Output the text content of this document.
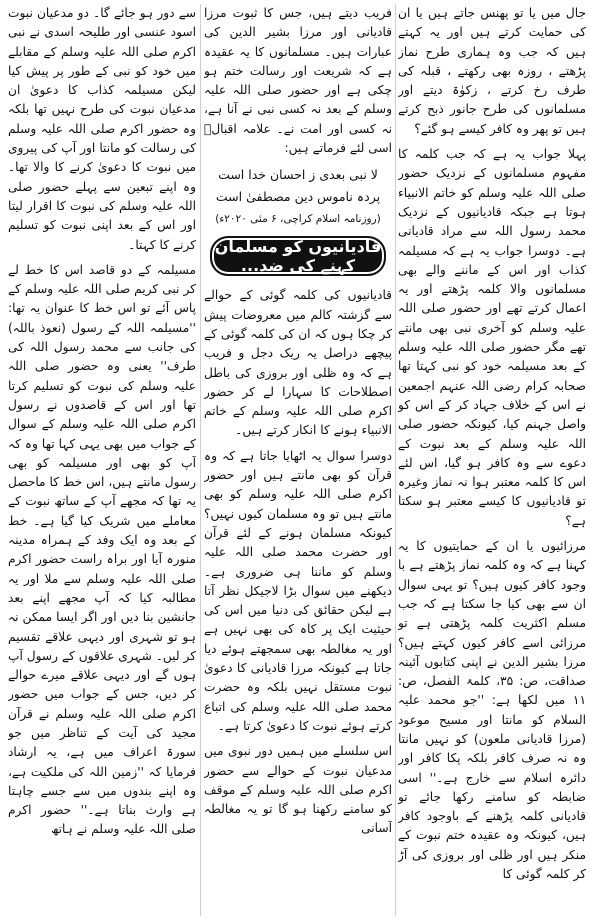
جال میں یا تو پھنس جاتے ہیں یا ان کی حمایت کرتے ہیں اور یہ کہتے ہیں کہ جب وہ ہماری طرح نماز پڑھتے ، روزہ بھی رکھتے ، قبلہ کی طرف رخ کرتے ، زکوٰۃ دیتے اور مسلمانوں کی طرح جانور ذبح کرتے ہیں تو پھر وہ کافر کیسے ہو گئے؟

پہلا جواب یہ ہے کہ جب کلمہ کا مفہوم مسلمانوں کے نزدیک حضور صلی اللہ علیہ وسلم کو خاتم الانبیاء ہوتا ہے جبکہ قادیانیوں کے نزدیک محمد رسول اللہ سے مراد قادیانی ہے۔ دوسرا جواب یہ ہے کہ مسیلمہ کذاب اور اس کے ماننے والے بھی مسلمانوں والا کلمہ پڑھتے اور یہ اعمال کرتے تھے اور حضور صلی اللہ علیہ وسلم کو آخری نبی بھی مانتے تھے مگر حضور صلی اللہ علیہ وسلم کے بعد مسیلمہ خود کو نبی کہتا تھا صحابہ کرام رضی اللہ عنہم اجمعین نے اس کے خلاف جہاد کر کے اس کو واصل جہنم کیا، کیونکہ حضور صلی اللہ علیہ وسلم کے بعد نبوت کے دعوے سے وہ کافر ہو گیا، اس لئے اس کا کلمہ معتبر ہوا نہ نماز وغیرہ تو قادیانیوں کا کیسے معتبر ہو سکتا ہے؟

مرزائیوں یا ان کے حمایتیوں کا یہ کہنا ہے کہ وہ کلمہ نماز پڑھتے ہے با وجود کافر کیوں ہیں؟ تو یہی سوال ان سے بھی کیا جا سکتا ہے کہ جب مسلم اکثریت کلمہ پڑھتی ہے تو مرزائی اسے کافر کیوں کہتے ہیں؟ مرزا بشیر الدین نے اپنی کتابوں آئینہ صداقت، ص: ۳۵، کلمۃ الفصل، ص: ۱۱ میں لکھا ہے: ''جو محمد علیہ السلام کو مانتا اور مسیح موعود (مرزا قادیانی ملعون) کو نہیں مانتا وہ نہ صرف کافر بلکہ پکا کافر اور دائرہ اسلام سے خارج ہے۔'' اسی ضابطہ کو سامنے رکھا جائے تو قادیانی کلمہ پڑھنے کے باوجود کافر ہیں، کیونکہ وہ عقیدہ ختم نبوت کے منکر ہیں اور ظلی اور بروزی کی آڑ کر کلمہ گوئی کا

فریب دیتے ہیں، جس کا ثبوت مرزا قادیانی اور مرزا بشیر الدین کی عبارات ہیں۔ مسلمانوں کا یہ عقیدہ ہے کہ شریعت اور رسالت ختم ہو چکی ہے اور حضور صلی اللہ علیہ وسلم کے بعد نہ کسی نبی نے آنا ہے، نہ کسی اور امت نے۔ علامہ اقبالؒ اسی لئے فرماتے ہیں:

لا نبی بعدی ز احسان خدا است
پردہ ناموس دین مصطفیٰ است
(روزنامہ اسلام کراچی، ۶ مئی ۲۰۲۰ء)
قادیانیوں کو مسلمان کہنے کی ضد...

قادیانیوں کی کلمہ گوئی کے حوالے سے گزشتہ کالم میں معروضات پیش کر چکا ہوں کہ ان کی کلمہ گوئی کے پیچھے دراصل یہ ریک دجل و فریب ہے کہ وہ ظلی اور بروزی کی باطل اصطلاحات کا سہارا لے کر حضور اکرم صلی اللہ علیہ وسلم کے خاتم الانبیاء ہونے کا انکار کرتے ہیں۔

دوسرا سوال یہ اٹھایا جاتا ہے کہ وہ قرآن کو بھی مانتے ہیں اور حضور اکرم صلی اللہ علیہ وسلم کو بھی مانتے ہیں تو وہ مسلمان کیوں نہیں؟ کیونکہ مسلمان ہونے کے لئے قرآن اور حضرت محمد صلی اللہ علیہ وسلم کو ماننا ہی ضروری ہے۔ دیکھنے میں سوال بڑا لاجیکل نظر آتا ہے لیکن حقائق کی دنیا میں اس کی حیثیت ایک پر کاہ کی بھی نہیں ہے اور یہ مغالطہ بھی سمجھتے ہوئے دیا جاتا ہے کیونکہ مرزا قادیانی کا دعویٰ نبوت مستقل نہیں بلکہ وہ حضرت محمد صلی اللہ علیہ وسلم کی اتباع کرتے ہوئے نبوت کا دعویٰ کرتا ہے۔

اس سلسلے میں ہمیں دور نبوی میں مدعیان نبوت کے حوالے سے حضور اکرم صلی اللہ علیہ وسلم کے موقف کو سامنے رکھنا ہو گا تو یہ مغالطہ آسانی

سے دور ہو جائے گا۔ دو مدعیان نبوت اسود عنسی اور طلیحہ اسدی نے نبی اکرم صلی اللہ علیہ وسلم کے مقابلے میں خود کو نبی کے طور پر پیش کیا لیکن مسیلمہ کذاب کا دعویٰ ان مدعیان نبوت کی طرح نہیں تھا بلکہ وہ حضور اکرم صلی اللہ علیہ وسلم کی رسالت کو مانتا اور آپ کی پیروی میں نبوت کا دعویٰ کرنے کا والا تھا۔ وہ اپنے تبعین سے پہلے حضور صلی اللہ علیہ وسلم کی نبوت کا اقرار لیتا اور اس کے بعد اپنی نبوت کو تسلیم کرنے کا کہتا۔

مسیلمہ کے دو قاصد اس کا خط لے کر نبی کریم صلی اللہ علیہ وسلم کے پاس آئے تو اس خط کا عنوان یہ تھا: ''مسیلمہ اللہ کے رسول (نعوذ باللہ) کی جانب سے محمد رسول اللہ کی طرف'' یعنی وہ حضور صلی اللہ علیہ وسلم کی نبوت کو تسلیم کرتا تھا اور اس کے قاصدوں نے رسول اکرم صلی اللہ علیہ وسلم کے سوال کے جواب میں بھی یہی کہا تھا وہ کہ آپ کو بھی اور مسیلمہ کو بھی رسول مانتے ہیں، اس خط کا ماحصل یہ تھا کہ مجھے آپ کے ساتھ نبوت کے معاملے میں شریک کیا گیا ہے۔ خط کے بعد وہ ایک وفد کے ہمراہ مدینہ منورہ آیا اور براہ راست حضور اکرم صلی اللہ علیہ وسلم سے ملا اور یہ مطالبہ کیا کہ آپ مجھے اپنے بعد جانشین بنا دیں اور اگر ایسا ممکن نہ ہو تو شہری اور دیہی علاقے تقسیم کر لیں۔ شہری علاقوں کے رسول آپ ہوں گے اور دیہی علاقے میرے حوالے کر دیں، جس کے جواب میں حضور اکرم صلی اللہ علیہ وسلم نے قرآن مجید کی آیت کے تناظر میں جو سورۃ اعراف میں ہے، یہ ارشاد فرمایا کہ ''زمین اللہ کی ملکیت ہے، وہ اپنے بندوں میں سے جسے چاہتا ہے وارث بناتا ہے۔'' حضور اکرم صلی اللہ علیہ وسلم نے ہاتھ
